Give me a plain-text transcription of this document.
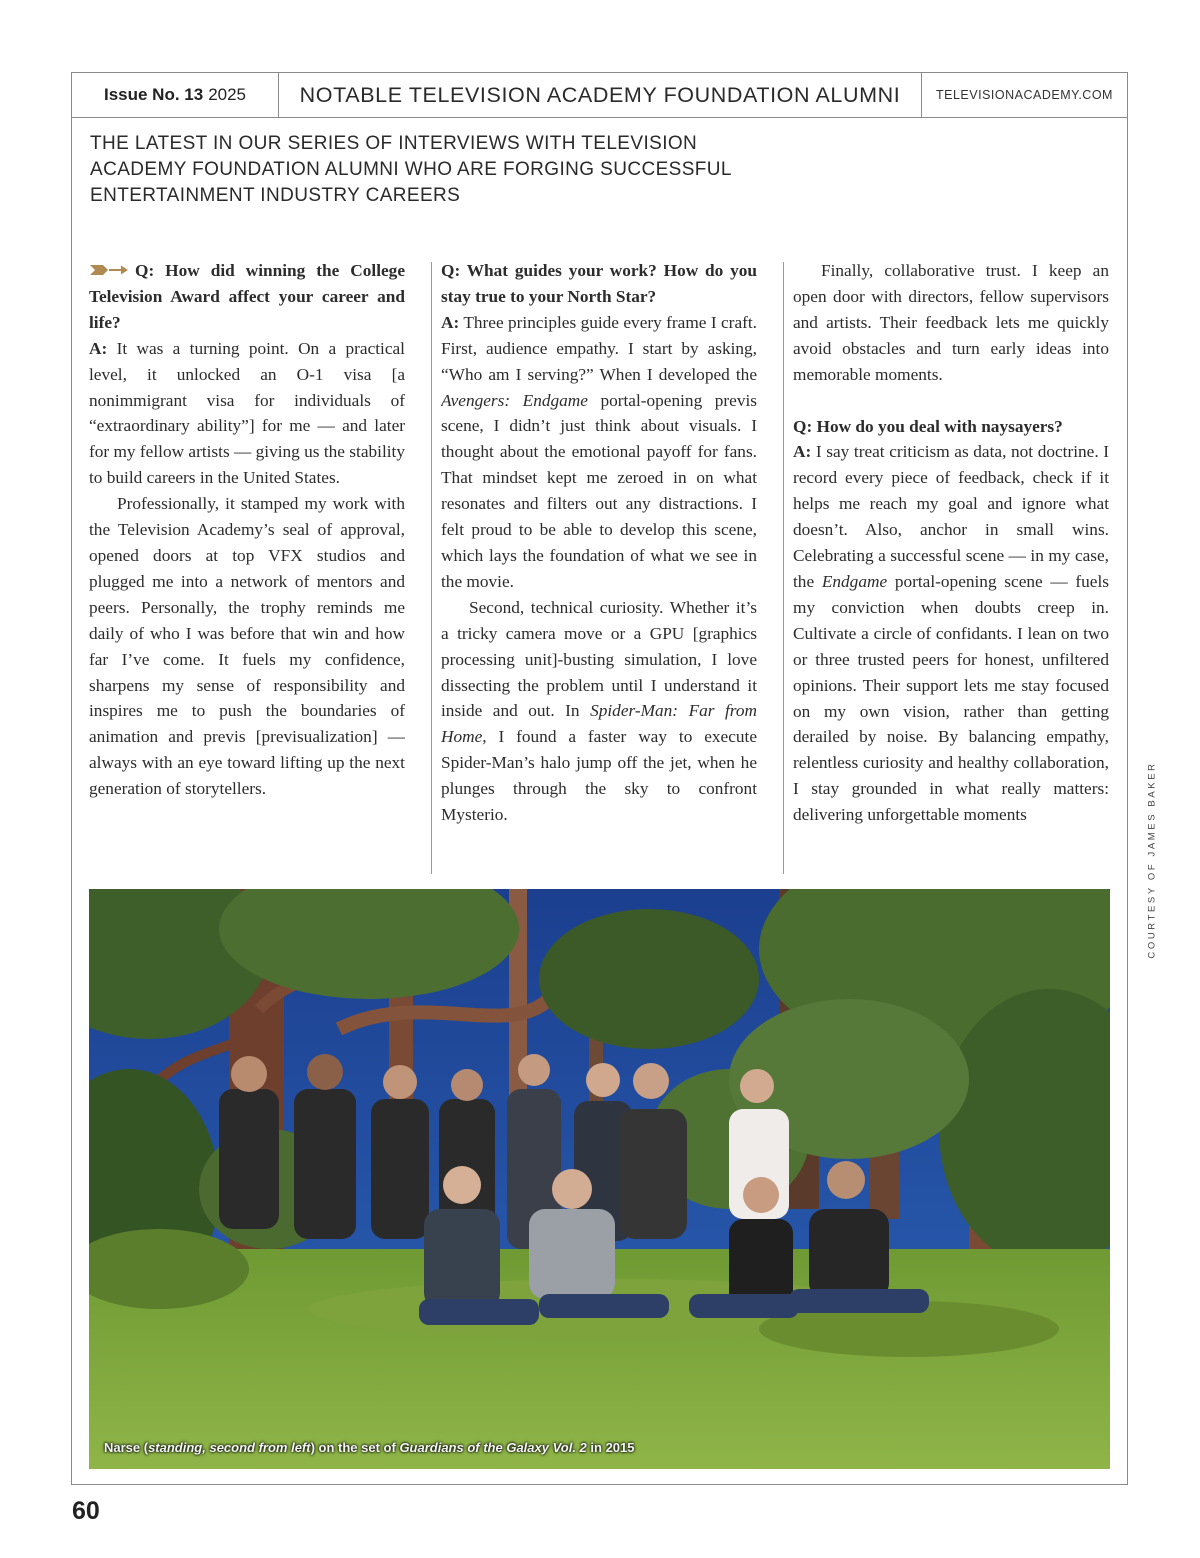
Issue No. 13 2025	NOTABLE TELEVISION ACADEMY FOUNDATION ALUMNI	TELEVISIONACADEMY.COM
THE LATEST IN OUR SERIES OF INTERVIEWS WITH TELEVISION ACADEMY FOUNDATION ALUMNI WHO ARE FORGING SUCCESSFUL ENTERTAINMENT INDUSTRY CAREERS

Q: How did winning the College Television Award affect your career and life?

A: It was a turning point. On a practical level, it unlocked an O-1 visa [a nonimmigrant visa for individuals of “extraordinary ability”] for me — and later for my fellow artists — giving us the stability to build careers in the United States.

Professionally, it stamped my work with the Television Academy’s seal of approval, opened doors at top VFX studios and plugged me into a network of mentors and peers. Personally, the trophy reminds me daily of who I was before that win and how far I’ve come. It fuels my confidence, sharpens my sense of responsibility and inspires me to push the boundaries of animation and previs [previsualization] — always with an eye toward lifting up the next generation of storytellers.

Q: What guides your work? How do you stay true to your North Star?

A: Three principles guide every frame I craft. First, audience empathy. I start by asking, “Who am I serving?” When I developed the Avengers: Endgame portal-opening previs scene, I didn’t just think about visuals. I thought about the emotional payoff for fans. That mindset kept me zeroed in on what resonates and filters out any distractions. I felt proud to be able to develop this scene, which lays the foundation of what we see in the movie.

Second, technical curiosity. Whether it’s a tricky camera move or a GPU [graphics processing unit]-busting simulation, I love dissecting the problem until I understand it inside and out. In Spider-Man: Far from Home, I found a faster way to execute Spider-Man’s halo jump off the jet, when he plunges through the sky to confront Mysterio.

Finally, collaborative trust. I keep an open door with directors, fellow supervisors and artists. Their feedback lets me quickly avoid obstacles and turn early ideas into memorable moments.

Q: How do you deal with naysayers?

A: I say treat criticism as data, not doctrine. I record every piece of feedback, check if it helps me reach my goal and ignore what doesn’t. Also, anchor in small wins. Celebrating a successful scene — in my case, the Endgame portal-opening scene — fuels my conviction when doubts creep in. Cultivate a circle of confidants. I lean on two or three trusted peers for honest, unfiltered opinions. Their support lets me stay focused on my own vision, rather than getting derailed by noise. By balancing empathy, relentless curiosity and healthy collaboration, I stay grounded in what really matters: delivering unforgettable moments

Narse (standing, second from left) on the set of Guardians of the Galaxy Vol. 2 in 2015
COURTESY OF JAMES BAKER
60
